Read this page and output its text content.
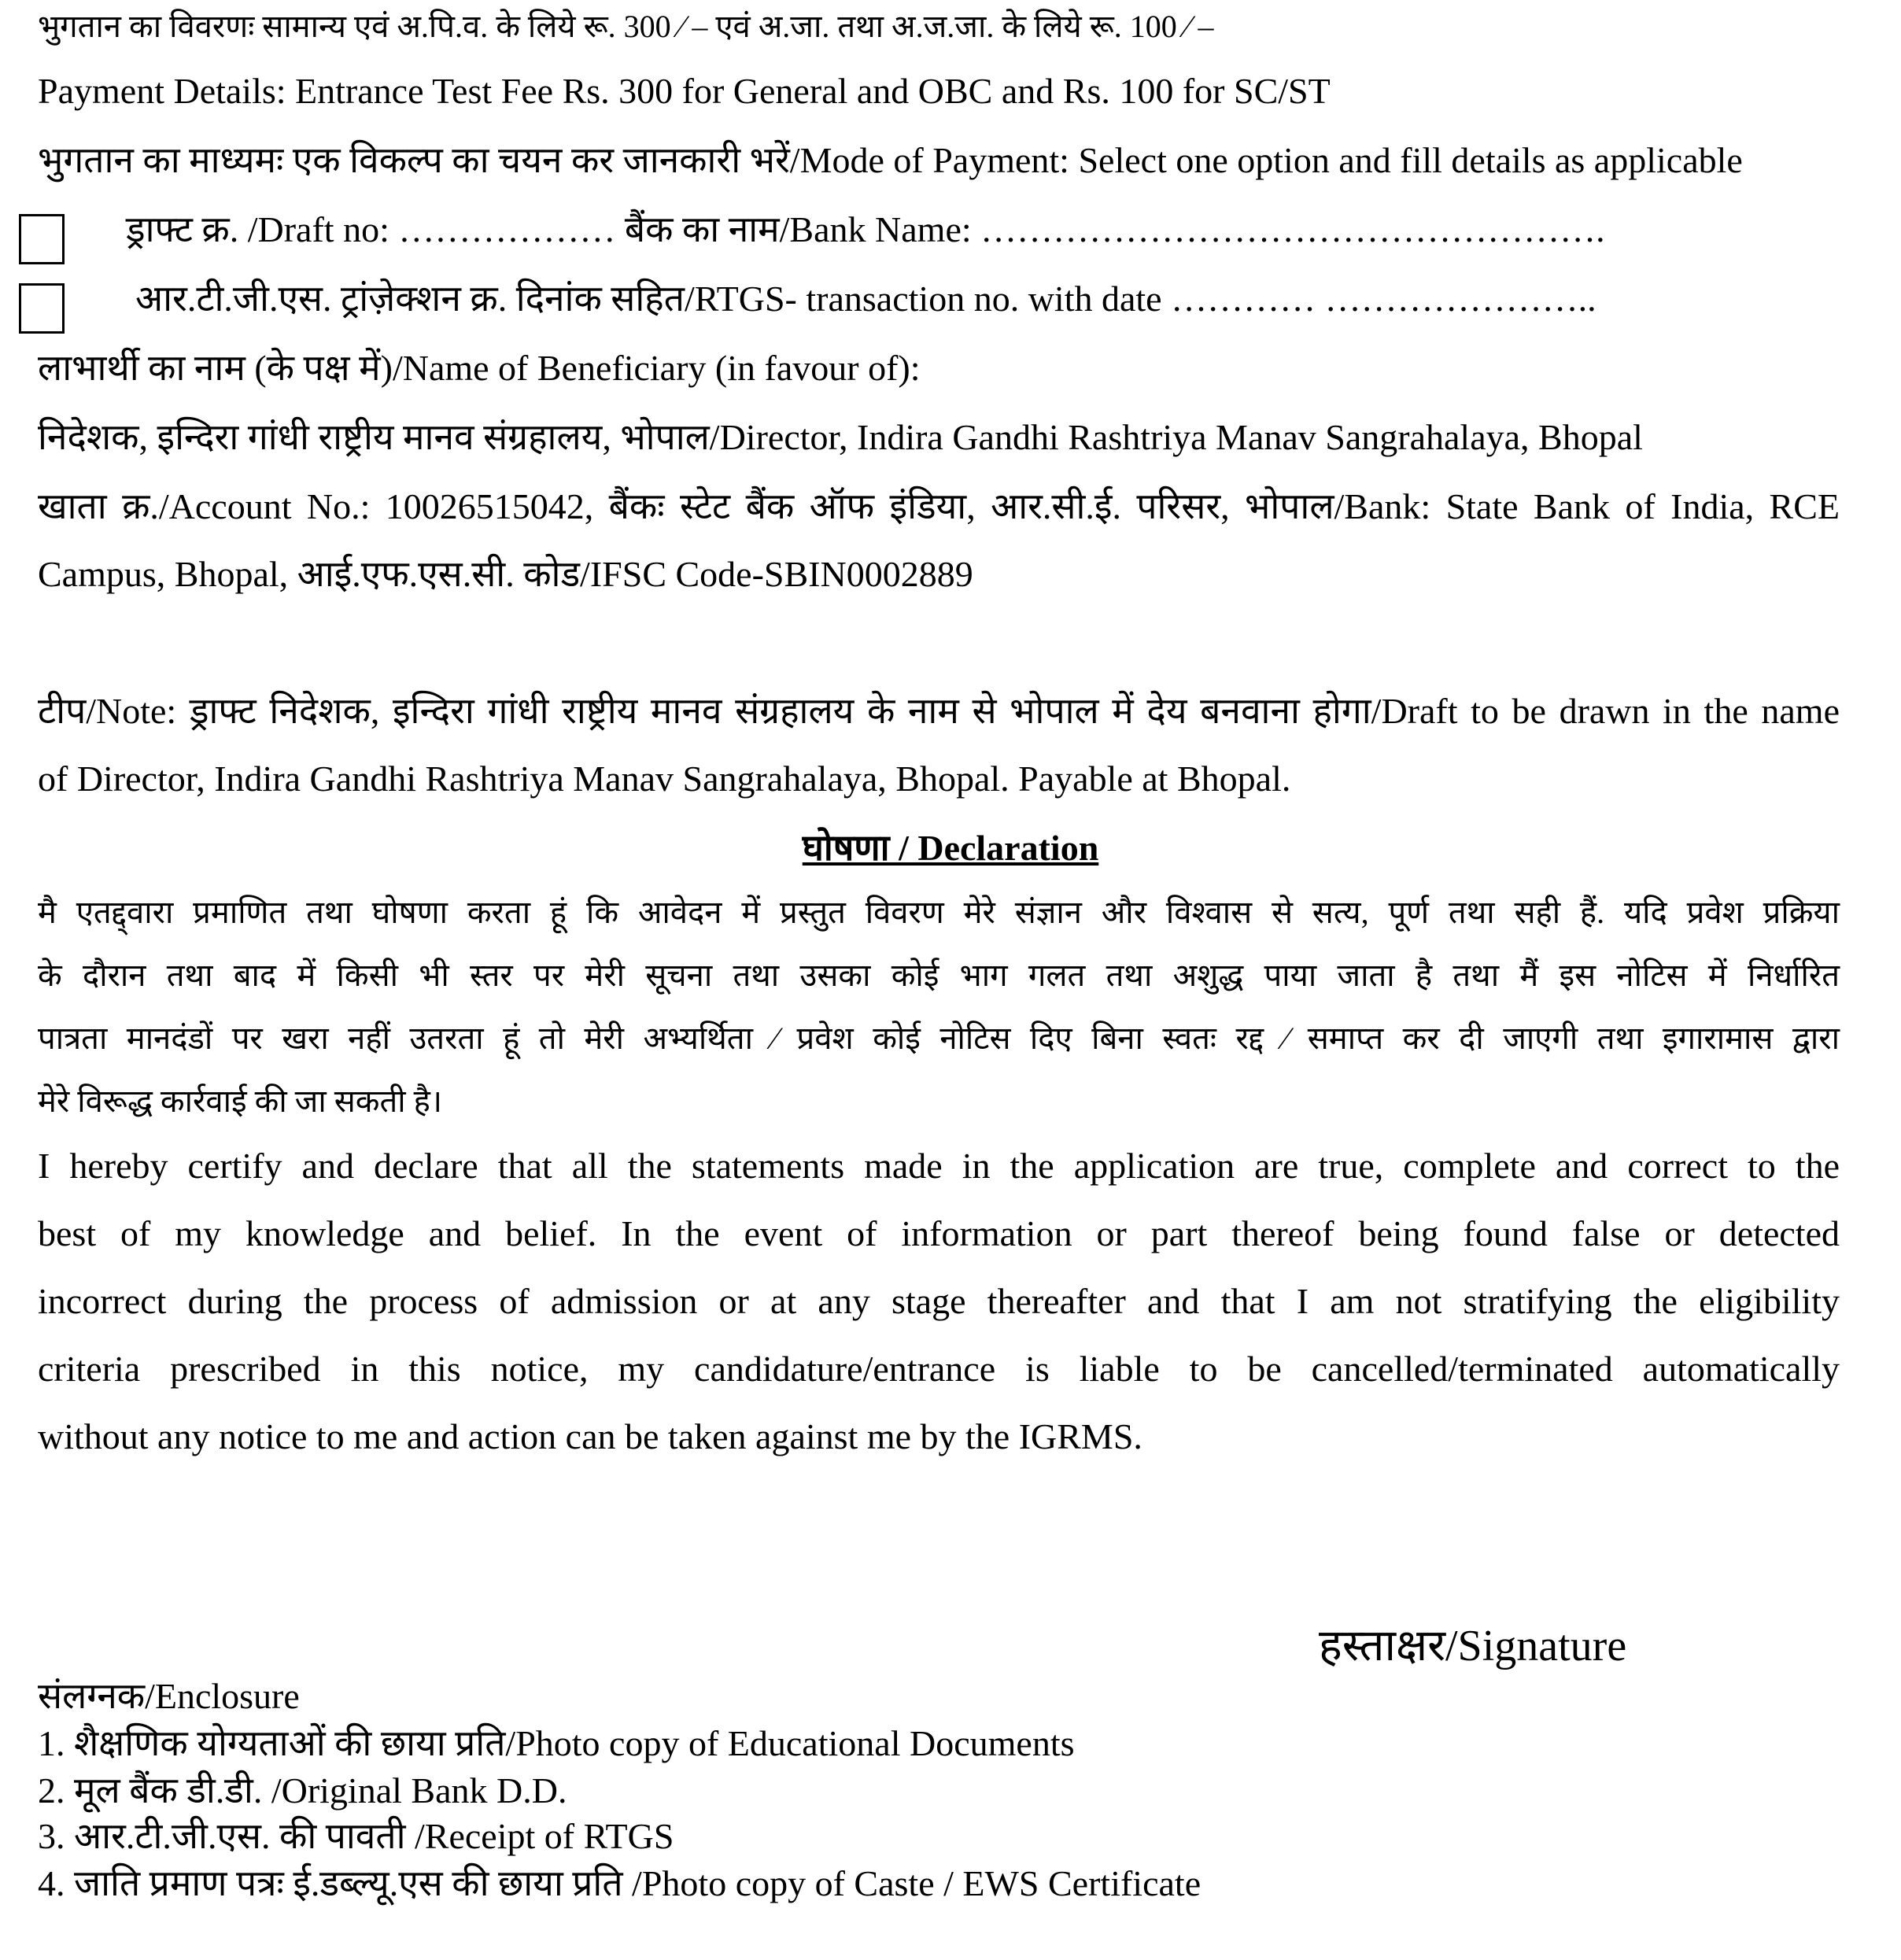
भुगतान का विवरणः सामान्य एवं अ.पि.व. के लिये रू. 300 ⁄ – एवं अ.जा. तथा अ.ज.जा. के लिये रू. 100 ⁄ –
Payment Details: Entrance Test Fee Rs. 300 for General and OBC and Rs. 100 for SC/ST
भुगतान का माध्यमः एक विकल्प का चयन कर जानकारी भरें/Mode of Payment: Select one option and fill details as applicable
ड्राफ्ट क्र. /Draft no: ……………… बैंक का नाम/Bank Name: …………………………………………….
आर.टी.जी.एस. ट्रांज़ेक्शन क्र. दिनांक सहित/RTGS- transaction no. with date ………… …………………..
लाभार्थी का नाम (के पक्ष में)/Name of Beneficiary (in favour of):
निदेशक, इन्दिरा गांधी राष्ट्रीय मानव संग्रहालय, भोपाल/Director, Indira Gandhi Rashtriya Manav Sangrahalaya, Bhopal
खाता क्र./Account No.: 10026515042, बैंकः स्टेट बैंक ऑफ इंडिया, आर.सी.ई. परिसर, भोपाल/Bank: State Bank of India, RCE
Campus, Bhopal, आई.एफ.एस.सी. कोड/IFSC Code-SBIN0002889
टीप/Note: ड्राफ्ट निदेशक, इन्दिरा गांधी राष्ट्रीय मानव संग्रहालय के नाम से भोपाल में देय बनवाना होगा/Draft to be drawn in the name
of Director, Indira Gandhi Rashtriya Manav Sangrahalaya, Bhopal. Payable at Bhopal.
घोषणा / Declaration
मै एतद्द्वारा प्रमाणित तथा घोषणा करता हूं कि आवेदन में प्रस्तुत विवरण मेरे संज्ञान और विश्वास से सत्य, पूर्ण तथा सही हैं. यदि प्रवेश प्रक्रिया
के दौरान तथा बाद में किसी भी स्तर पर मेरी सूचना तथा उसका कोई भाग गलत तथा अशुद्ध पाया जाता है तथा मैं इस नोटिस में निर्धारित
पात्रता मानदंडों पर खरा नहीं उतरता हूं तो मेरी अभ्यर्थिता ⁄ प्रवेश कोई नोटिस दिए बिना स्वतः रद्द ⁄ समाप्त कर दी जाएगी तथा इगारामास द्वारा
मेरे विरूद्ध कार्रवाई की जा सकती है।
I hereby certify and declare that all the statements made in the application are true, complete and correct to the
best of my knowledge and belief. In the event of information or part thereof being found false or detected
incorrect during the process of admission or at any stage thereafter and that I am not stratifying the eligibility
criteria prescribed in this notice, my candidature/entrance is liable to be cancelled/terminated automatically
without any notice to me and action can be taken against me by the IGRMS.
हस्ताक्षर/Signature
संलग्नक/Enclosure
1. शैक्षणिक योग्यताओं की छाया प्रति/Photo copy of Educational Documents
2. मूल बैंक डी.डी. /Original Bank D.D.
3. आर.टी.जी.एस. की पावती /Receipt of RTGS
4. जाति प्रमाण पत्रः ई.डब्ल्यू.एस की छाया प्रति /Photo copy of Caste / EWS Certificate
